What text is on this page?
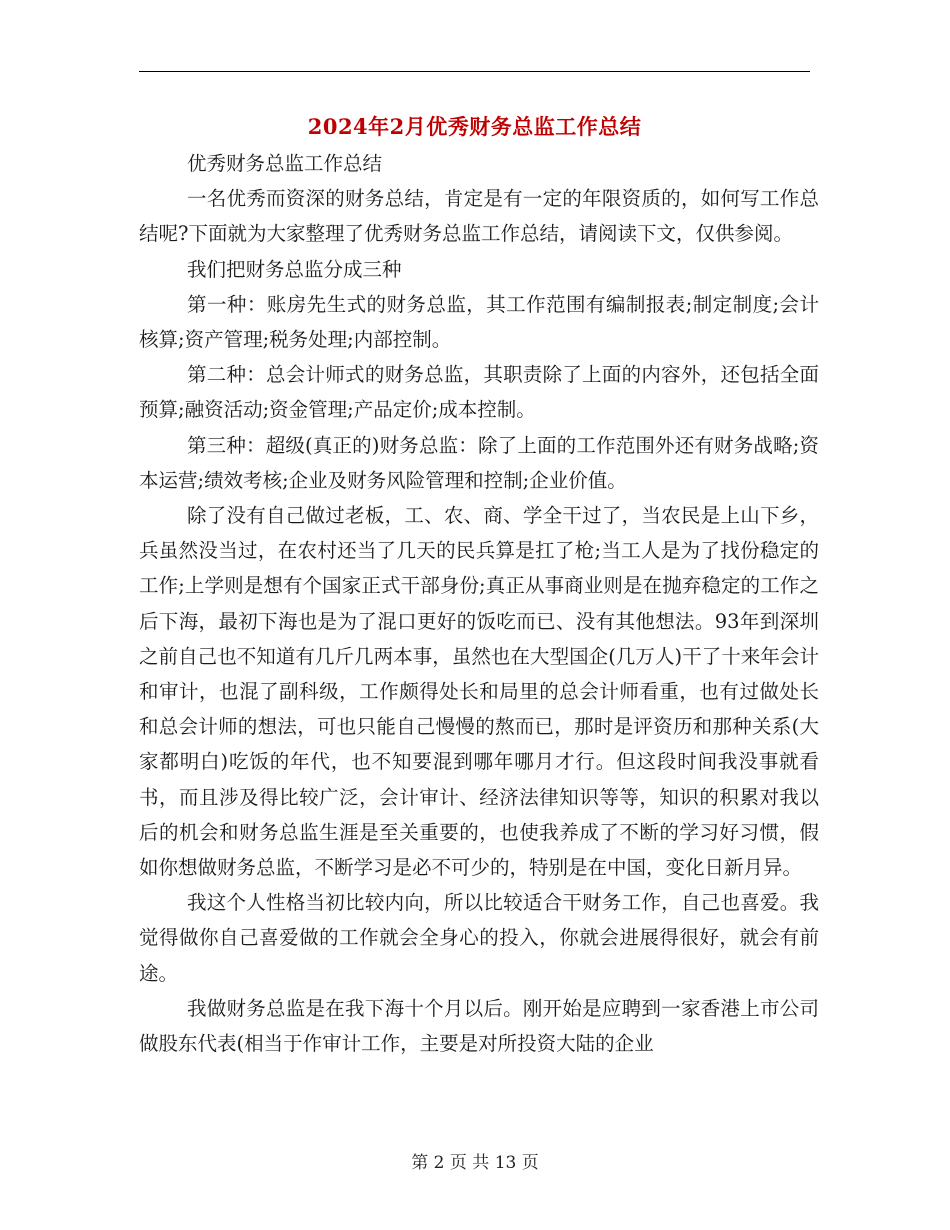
2024年2月优秀财务总监工作总结

优秀财务总监工作总结

一名优秀而资深的财务总结，肯定是有一定的年限资质的，如何写工作总结呢?下面就为大家整理了优秀财务总监工作总结，请阅读下文，仅供参阅。

我们把财务总监分成三种

第一种：账房先生式的财务总监，其工作范围有编制报表;制定制度;会计核算;资产管理;税务处理;内部控制。

第二种：总会计师式的财务总监，其职责除了上面的内容外，还包括全面预算;融资活动;资金管理;产品定价;成本控制。

第三种：超级(真正的)财务总监：除了上面的工作范围外还有财务战略;资本运营;绩效考核;企业及财务风险管理和控制;企业价值。

除了没有自己做过老板，工、农、商、学全干过了，当农民是上山下乡，兵虽然没当过，在农村还当了几天的民兵算是扛了枪;当工人是为了找份稳定的工作;上学则是想有个国家正式干部身份;真正从事商业则是在抛弃稳定的工作之后下海，最初下海也是为了混口更好的饭吃而已、没有其他想法。93年到深圳之前自己也不知道有几斤几两本事，虽然也在大型国企(几万人)干了十来年会计和审计，也混了副科级，工作颇得处长和局里的总会计师看重，也有过做处长和总会计师的想法，可也只能自己慢慢的熬而已，那时是评资历和那种关系(大家都明白)吃饭的年代，也不知要混到哪年哪月才行。但这段时间我没事就看书，而且涉及得比较广泛，会计审计、经济法律知识等等，知识的积累对我以后的机会和财务总监生涯是至关重要的，也使我养成了不断的学习好习惯，假如你想做财务总监，不断学习是必不可少的，特别是在中国，变化日新月异。

我这个人性格当初比较内向，所以比较适合干财务工作，自己也喜爱。我觉得做你自己喜爱做的工作就会全身心的投入，你就会进展得很好，就会有前途。

我做财务总监是在我下海十个月以后。刚开始是应聘到一家香港上市公司做股东代表(相当于作审计工作，主要是对所投资大陆的企业

第 2 页 共 13 页
